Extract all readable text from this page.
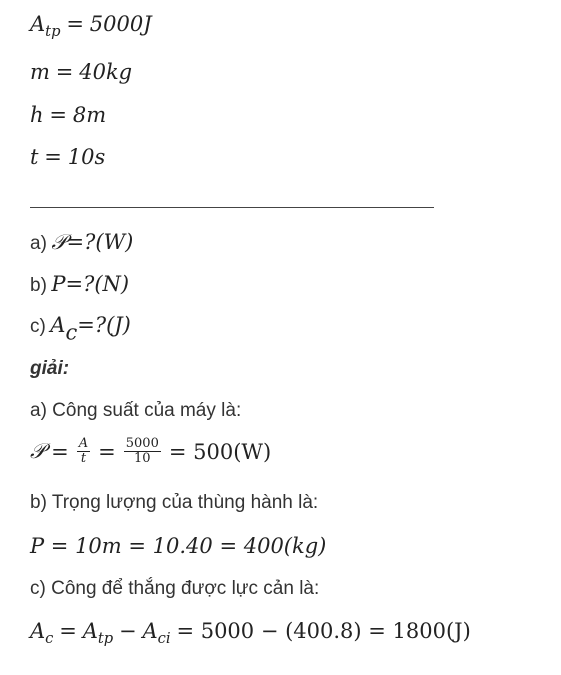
$A_{tp} = 5000J$
m = 40kg
h = 8m
t = 10s
a) 𝒫=?(W)
b) P=?(N)
c) Ac=?(J)
giải:
a) Công suất của máy là:
𝒫 = $\frac{A}{t} = \frac{5000}{10} = 500(W)$
b) Trọng lượng của thùng hành là:
P = 10m = 10.40 = 400(kg)
c) Công để thắng được lực cản là:
$A_c = A_{tp} - A_{ci} = 5000 - (400.8) = 1800(J)$
